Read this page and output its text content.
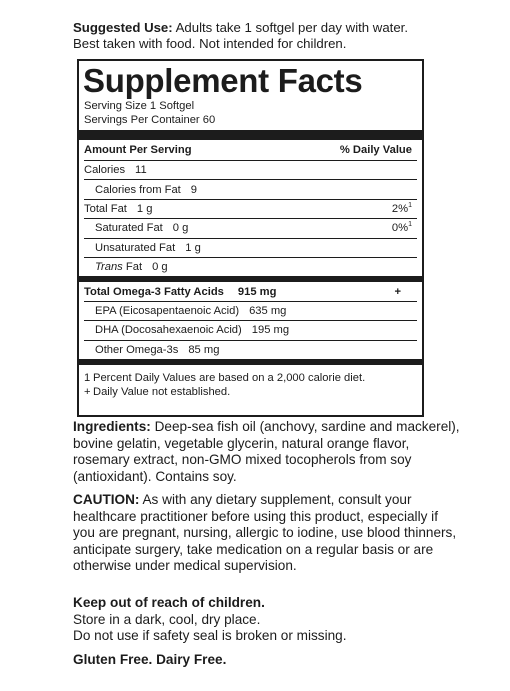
Suggested Use: Adults take 1 softgel per day with water.
Best taken with food. Not intended for children.

Supplement Facts
Serving Size 1 Softgel
Servings Per Container 60
Amount Per Serving	% Daily Value
Calories 11
Calories from Fat 9
Total Fat 1 g	2%$^1$
Saturated Fat 0 g	0%$^1$
Unsaturated Fat 1 g
Trans Fat 0 g
Total Omega-3 Fatty Acids 915 mg	+
EPA (Eicosapentaenoic Acid) 635 mg
DHA (Docosahexaenoic Acid) 195 mg
Other Omega-3s 85 mg
1 Percent Daily Values are based on a 2,000 calorie diet.
+ Daily Value not established.

Ingredients: Deep-sea fish oil (anchovy, sardine and mackerel), bovine gelatin, vegetable glycerin, natural orange flavor, rosemary extract, non-GMO mixed tocopherols from soy (antioxidant). Contains soy.

CAUTION: As with any dietary supplement, consult your healthcare practitioner before using this product, especially if you are pregnant, nursing, allergic to iodine, use blood thinners, anticipate surgery, take medication on a regular basis or are otherwise under medical supervision.

Keep out of reach of children.
Store in a dark, cool, dry place.
Do not use if safety seal is broken or missing.

Gluten Free. Dairy Free.
